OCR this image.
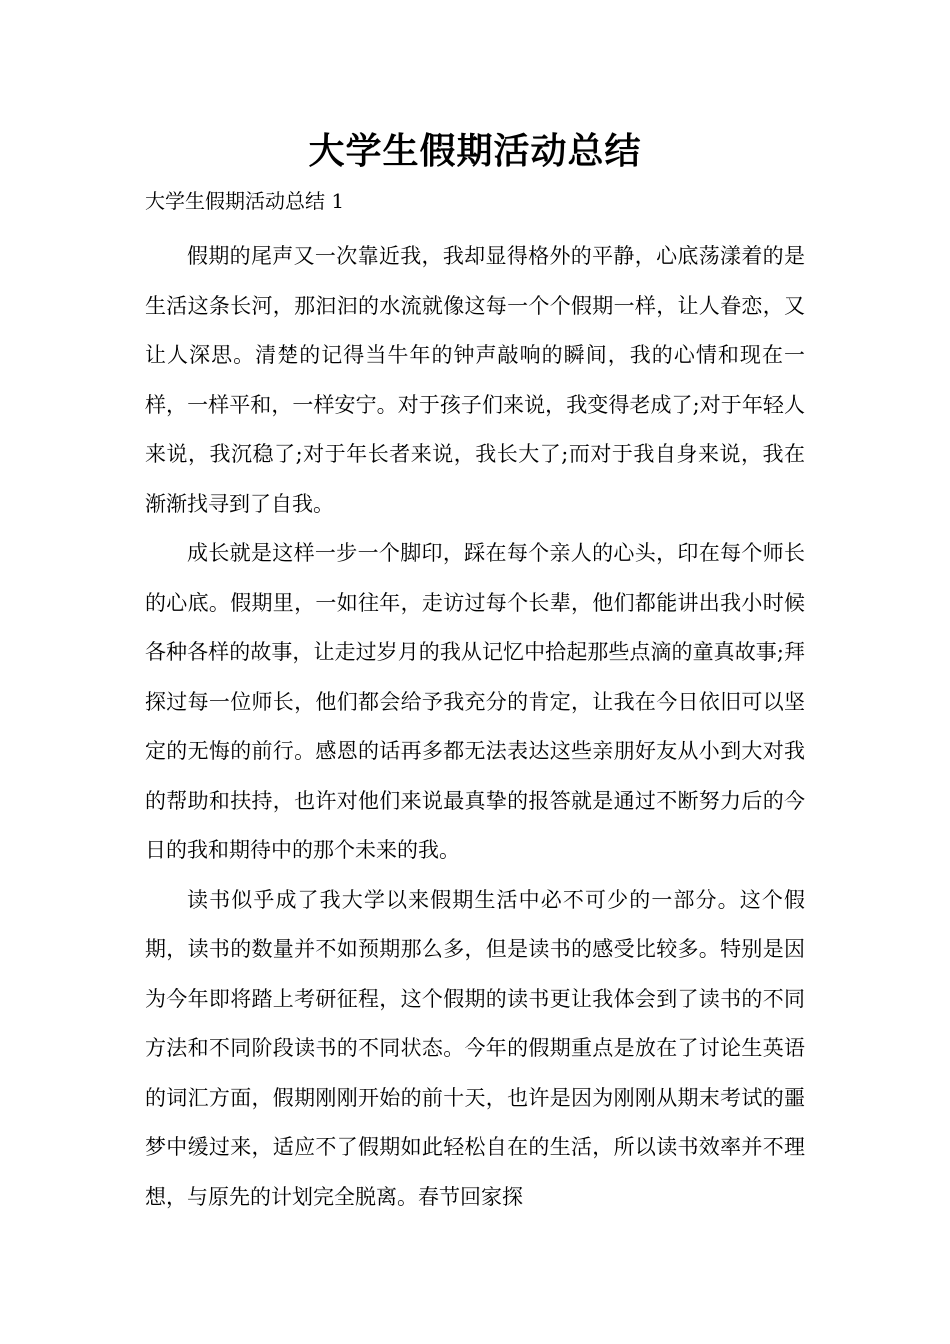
大学生假期活动总结

大学生假期活动总结 1

假期的尾声又一次靠近我，我却显得格外的平静，心底荡漾着的是生活这条长河，那汩汩的水流就像这每一个个假期一样，让人眷恋，又让人深思。清楚的记得当牛年的钟声敲响的瞬间，我的心情和现在一样，一样平和，一样安宁。对于孩子们来说，我变得老成了;对于年轻人来说，我沉稳了;对于年长者来说，我长大了;而对于我自身来说，我在渐渐找寻到了自我。

成长就是这样一步一个脚印，踩在每个亲人的心头，印在每个师长的心底。假期里，一如往年，走访过每个长辈，他们都能讲出我小时候各种各样的故事，让走过岁月的我从记忆中拾起那些点滴的童真故事;拜探过每一位师长，他们都会给予我充分的肯定，让我在今日依旧可以坚定的无悔的前行。感恩的话再多都无法表达这些亲朋好友从小到大对我的帮助和扶持，也许对他们来说最真挚的报答就是通过不断努力后的今日的我和期待中的那个未来的我。

读书似乎成了我大学以来假期生活中必不可少的一部分。这个假期，读书的数量并不如预期那么多，但是读书的感受比较多。特别是因为今年即将踏上考研征程，这个假期的读书更让我体会到了读书的不同方法和不同阶段读书的不同状态。今年的假期重点是放在了讨论生英语的词汇方面，假期刚刚开始的前十天，也许是因为刚刚从期末考试的噩梦中缓过来，适应不了假期如此轻松自在的生活，所以读书效率并不理想，与原先的计划完全脱离。春节回家探
